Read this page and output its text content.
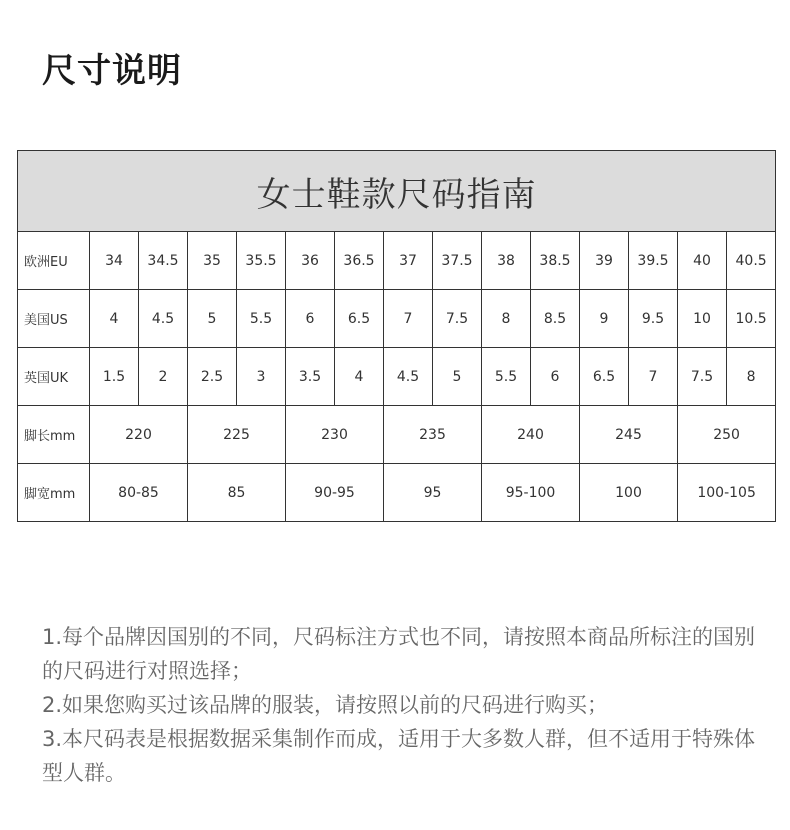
尺寸说明
女士鞋款尺码指南														
欧洲EU	34	34.5	35	35.5	36	36.5	37	37.5	38	38.5	39	39.5	40	40.5
美国US	4	4.5	5	5.5	6	6.5	7	7.5	8	8.5	9	9.5	10	10.5
英国UK	1.5	2	2.5	3	3.5	4	4.5	5	5.5	6	6.5	7	7.5	8
脚长mm	220		225		230		235		240		245		250	
脚宽mm	80-85		85		90-95		95		95-100		100		100-105	

1.每个品牌因国别的不同，尺码标注方式也不同，请按照本商品所标注的国别的尺码进行对照选择；

2.如果您购买过该品牌的服装，请按照以前的尺码进行购买；

3.本尺码表是根据数据采集制作而成，适用于大多数人群，但不适用于特殊体型人群。
